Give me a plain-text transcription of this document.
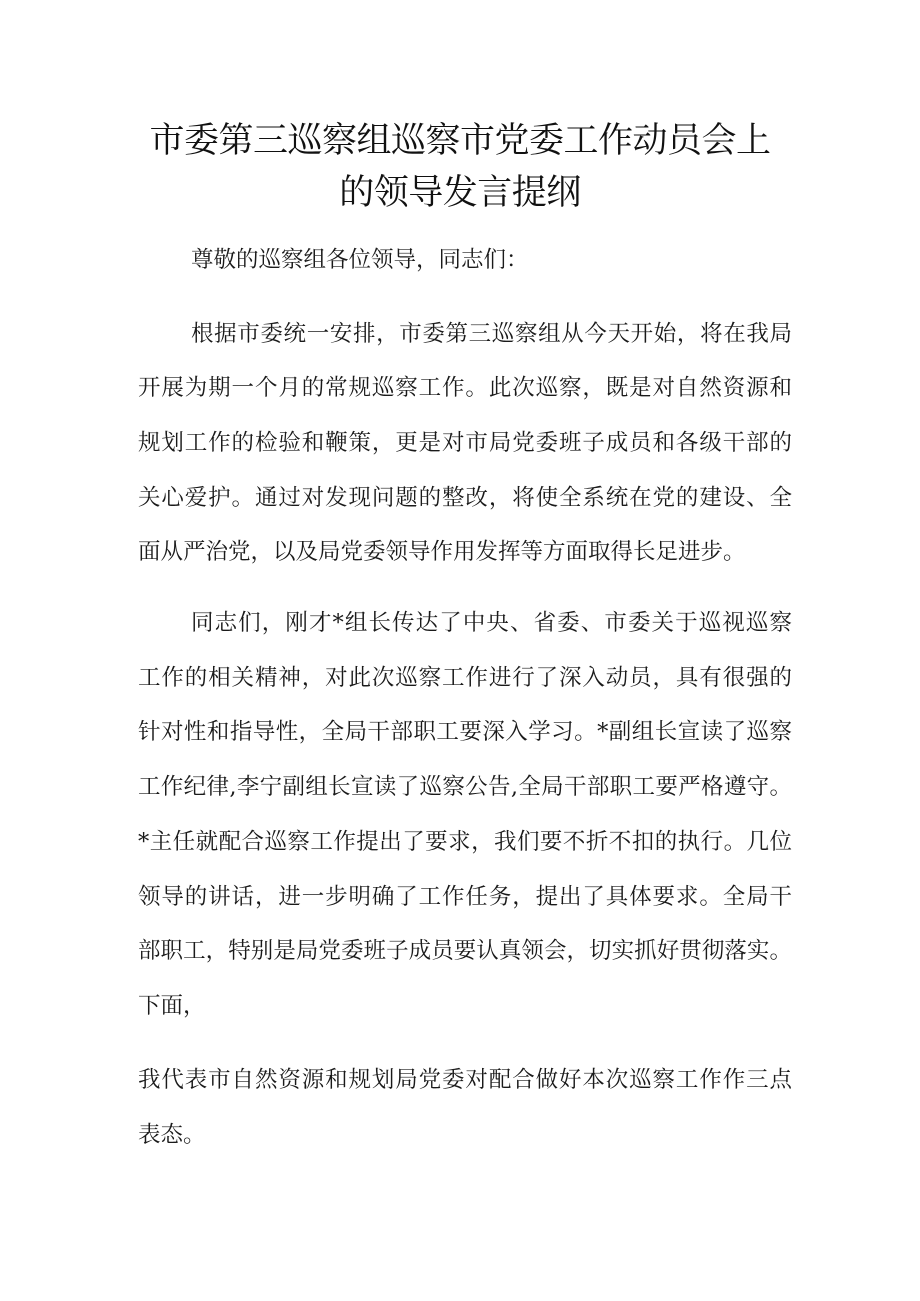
市委第三巡察组巡察市党委工作动员会上
的领导发言提纲
尊敬的巡察组各位领导，同志们：
根据市委统一安排，市委第三巡察组从今天开始，将在我局
开展为期一个月的常规巡察工作。此次巡察，既是对自然资源和
规划工作的检验和鞭策，更是对市局党委班子成员和各级干部的
关心爱护。通过对发现问题的整改，将使全系统在党的建设、全
面从严治党，以及局党委领导作用发挥等方面取得长足进步。
同志们，刚才*组长传达了中央、省委、市委关于巡视巡察
工作的相关精神，对此次巡察工作进行了深入动员，具有很强的
针对性和指导性，全局干部职工要深入学习。*副组长宣读了巡察
工作纪律,李宁副组长宣读了巡察公告,全局干部职工要严格遵守。
*主任就配合巡察工作提出了要求，我们要不折不扣的执行。几位
领导的讲话，进一步明确了工作任务，提出了具体要求。全局干
部职工，特别是局党委班子成员要认真领会，切实抓好贯彻落实。
下面，
我代表市自然资源和规划局党委对配合做好本次巡察工作作三点
表态。
